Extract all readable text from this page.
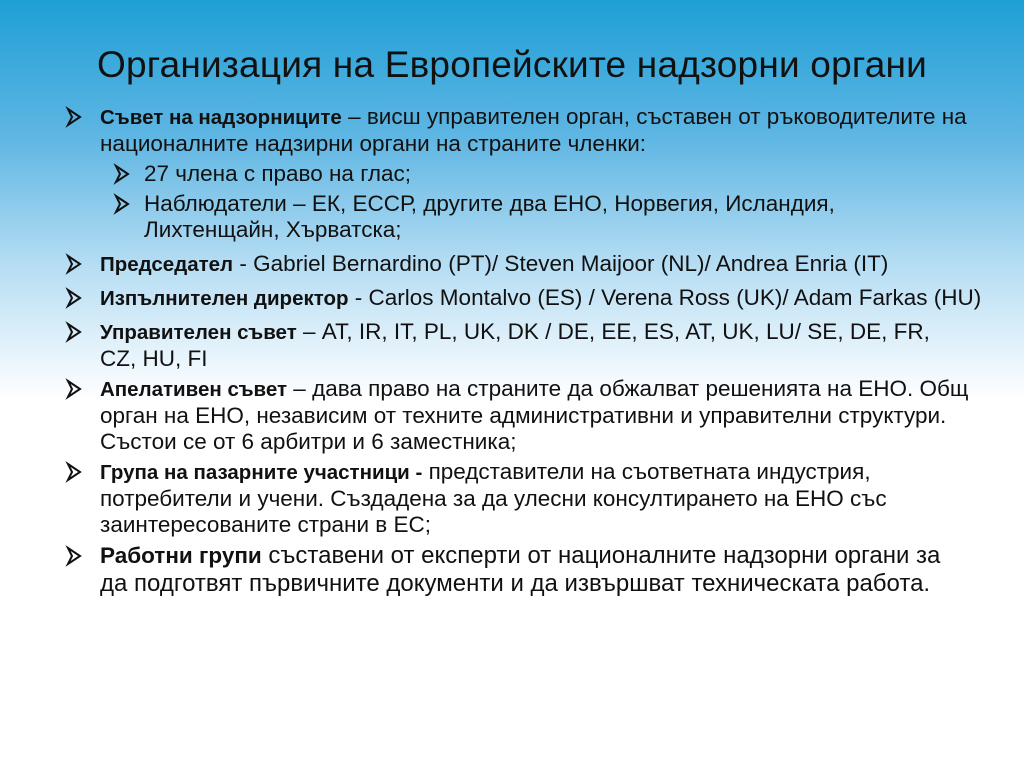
Организация на Европейските надзорни органи
Съвет на надзорниците – висш управителен орган, съставен от ръководителите на националните надзирни органи на страните членки:
27 члена с право на глас;
Наблюдатели – ЕК, ЕССР, другите два ЕНО, Норвегия, Исландия, Лихтенщайн, Хърватска;
Председател - Gabriel Bernardino (PT)/ Steven Maijoor (NL)/ Andrea Enria (IT)
Изпълнителен директор - Carlos Montalvo (ES) / Verena Ross (UK)/ Adam Farkas (HU)
Управителен съвет – AT, IR, IT, PL, UK, DK / DE, EE, ES, AT, UK, LU/ SE, DE, FR, CZ, HU, FI
Апелативен съвет – дава право на страните да обжалват решенията на ЕНО. Общ орган на ЕНО, независим от техните административни и управителни структури. Състои се от 6 арбитри и 6 заместника;
Група на пазарните участници - представители на съответната индустрия, потребители и учени. Създадена за да улесни консултирането на ЕНО със заинтересованите страни в ЕС;
Работни групи съставени от експерти от националните надзорни органи за да подготвят първичните документи и да извършват техническата работа.
